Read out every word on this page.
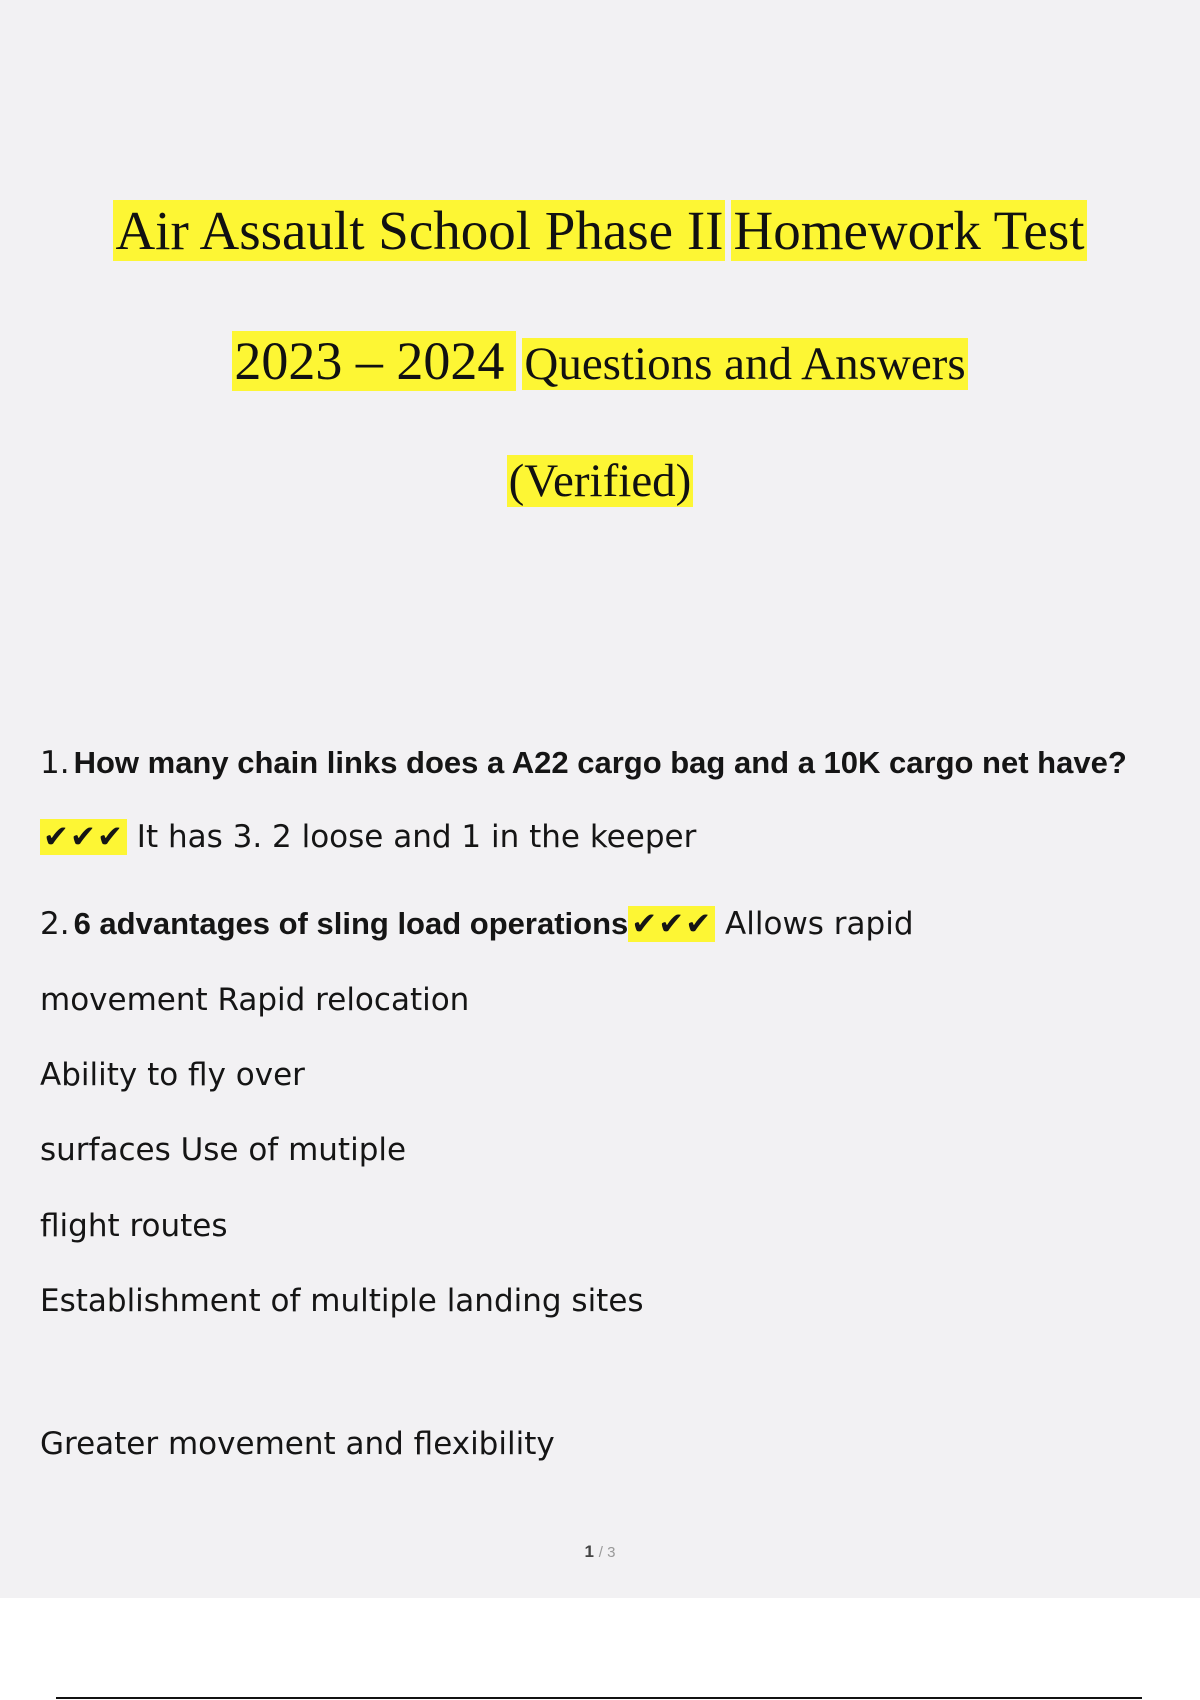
Air Assault School Phase II Homework Test
2023 – 2024 Questions and Answers
(Verified)
1. How many chain links does a A22 cargo bag and a 10K cargo net have?
✔✔✔ It has 3. 2 loose and 1 in the keeper
2. 6 advantages of sling load operations✔✔✔ Allows rapid
movement Rapid relocation
Ability to fly over
surfaces Use of mutiple
flight routes
Establishment of multiple landing sites
Greater movement and flexibility
1 / 3
